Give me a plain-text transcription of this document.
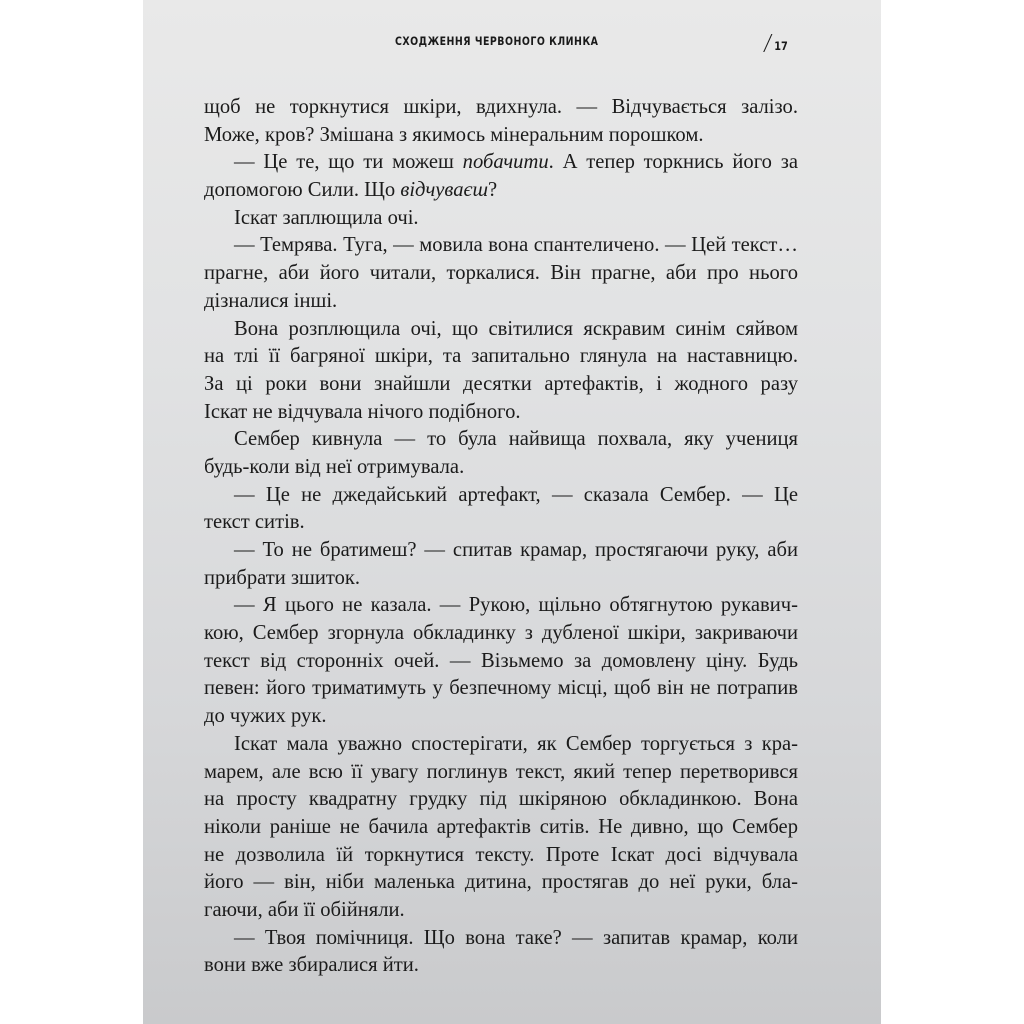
СХОДЖЕННЯ ЧЕРВОНОГО КЛИНКА	/ 17
щоб не торкнутися шкіри, вдихнула. — Відчувається залізо.
Може, кров? Змішана з якимось мінеральним порошком.
— Це те, що ти можеш побачити. А тепер торкнись його за
допомогою Сили. Що відчуваєш?
Іскат заплющила очі.
— Темрява. Туга, — мовила вона спантеличено. — Цей текст…
прагне, аби його читали, торкалися. Він прагне, аби про нього
дізналися інші.
Вона розплющила очі, що світилися яскравим синім сяйвом
на тлі її багряної шкіри, та запитально глянула на наставницю.
За ці роки вони знайшли десятки артефактів, і жодного разу
Іскат не відчувала нічого подібного.
Сембер кивнула — то була найвища похвала, яку учениця
будь-коли від неї отримувала.
— Це не джедайський артефакт, — сказала Сембер. — Це
текст ситів.
— То не братимеш? — спитав крамар, простягаючи руку, аби
прибрати зшиток.
— Я цього не казала. — Рукою, щільно обтягнутою рукавич-
кою, Сембер згорнула обкладинку з дубленої шкіри, закриваючи
текст від сторонніх очей. — Візьмемо за домовлену ціну. Будь
певен: його триматимуть у безпечному місці, щоб він не потрапив
до чужих рук.
Іскат мала уважно спостерігати, як Сембер торгується з кра-
марем, але всю її увагу поглинув текст, який тепер перетворився
на просту квадратну грудку під шкіряною обкладинкою. Вона
ніколи раніше не бачила артефактів ситів. Не дивно, що Сембер
не дозволила їй торкнутися тексту. Проте Іскат досі відчувала
його — він, ніби маленька дитина, простягав до неї руки, бла-
гаючи, аби її обійняли.
— Твоя помічниця. Що вона таке? — запитав крамар, коли
вони вже збиралися йти.
